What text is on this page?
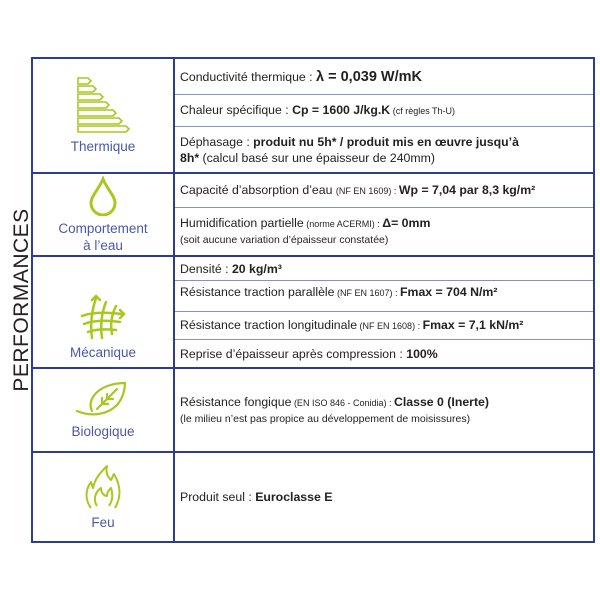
PERFORMANCES
Thermique
Comportement
à l’eau
Mécanique
Biologique
Feu
Conductivité thermique : λ = 0,039 W/mK
Chaleur spécifique : Cp = 1600 J/kg.K (cf règles Th-U)
Déphasage : produit nu 5h* / produit mis en œuvre jusqu’à
8h* (calcul basé sur une épaisseur de 240mm)
Capacité d’absorption d’eau (NF EN 1609) : Wp = 7,04 par 8,3 kg/m²
Humidification partielle (norme ACERMI) : Δ= 0mm
(soit aucune variation d’épaisseur constatée)
Densité : 20 kg/m³
Résistance traction parallèle (NF EN 1607) : Fmax = 704 N/m²
Résistance traction longitudinale (NF EN 1608) : Fmax = 7,1 kN/m²
Reprise d’épaisseur après compression : 100%
Résistance fongique (EN ISO 846 - Conidia) : Classe 0 (Inerte)
(le milieu n’est pas propice au développement de moisissures)
Produit seul : Euroclasse E
